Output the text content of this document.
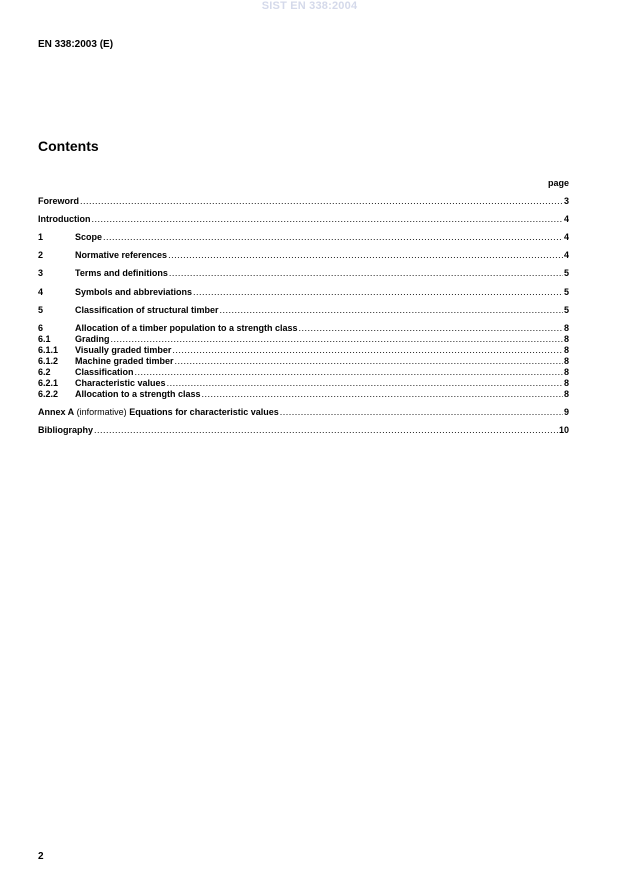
SIST EN 338:2004
EN 338:2003 (E)
Contents
page
Foreword .....	3
Introduction .....	4
1	Scope .....	4
2	Normative references .....	4
3	Terms and definitions .....	5
4	Symbols and abbreviations .....	5
5	Classification of structural timber .....	5
6	Allocation of a timber population to a strength class .....	8
6.1	Grading .....	8
6.1.1	Visually graded timber .....	8
6.1.2	Machine graded timber .....	8
6.2	Classification .....	8
6.2.1	Characteristic values .....	8
6.2.2	Allocation to a strength class .....	8
Annex A (informative) Equations for characteristic values .....	9
Bibliography .....	10
2
